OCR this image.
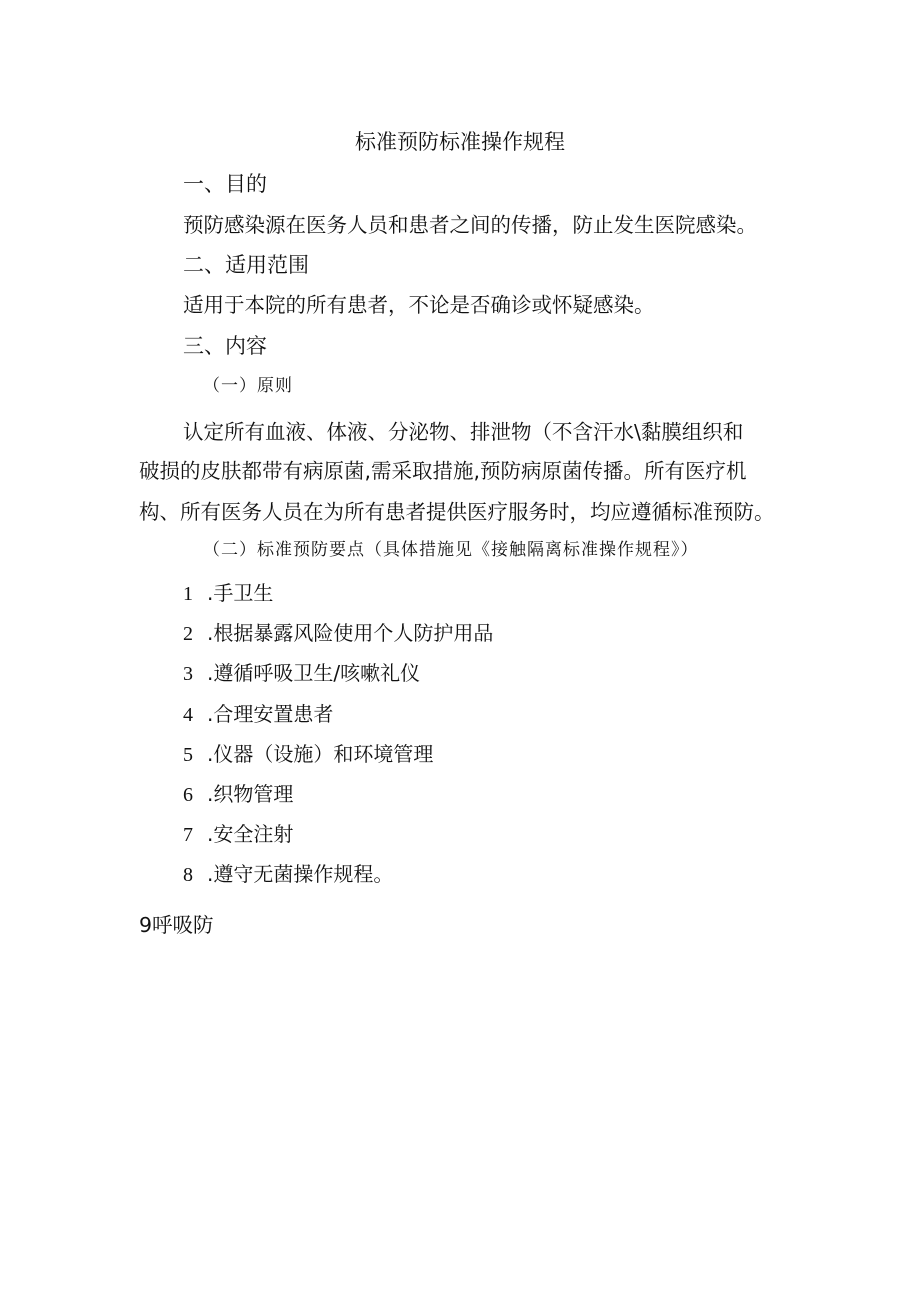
标准预防标准操作规程
一、目的
预防感染源在医务人员和患者之间的传播，防止发生医院感染。
二、适用范围
适用于本院的所有患者，不论是否确诊或怀疑感染。
三、内容
（一）原则
认定所有血液、体液、分泌物、排泄物（不含汗水\黏膜组织和
破损的皮肤都带有病原菌,需采取措施,预防病原菌传播。所有医疗机
构、所有医务人员在为所有患者提供医疗服务时，均应遵循标准预防。
（二）标准预防要点（具体措施见《接触隔离标准操作规程》）
1 .手卫生
2 .根据暴露风险使用个人防护用品
3 .遵循呼吸卫生/咳嗽礼仪
4 .合理安置患者
5 .仪器（设施）和环境管理
6 .织物管理
7 .安全注射
8 .遵守无菌操作规程。
9呼吸防
